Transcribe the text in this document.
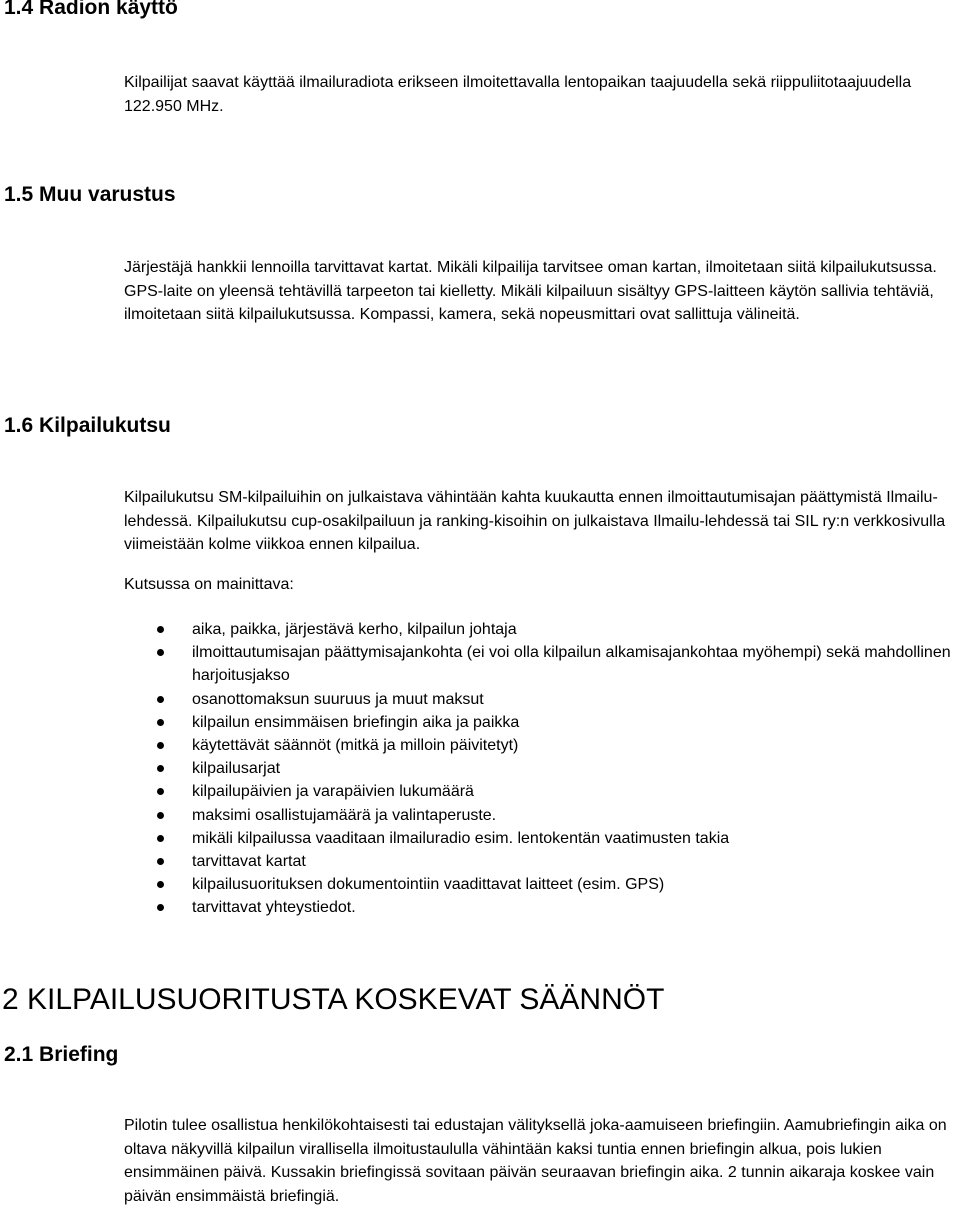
1.4 Radion käyttö

Kilpailijat saavat käyttää ilmailuradiota erikseen ilmoitettavalla lentopaikan taajuudella sekä riippuliitotaajuudella 122.950 MHz.

1.5 Muu varustus

Järjestäjä hankkii lennoilla tarvittavat kartat. Mikäli kilpailija tarvitsee oman kartan, ilmoitetaan siitä kilpailukutsussa. GPS-laite on yleensä tehtävillä tarpeeton tai kielletty. Mikäli kilpailuun sisältyy GPS-laitteen käytön sallivia tehtäviä, ilmoitetaan siitä kilpailukutsussa. Kompassi, kamera, sekä nopeusmittari ovat sallittuja välineitä.

1.6 Kilpailukutsu

Kilpailukutsu SM-kilpailuihin on julkaistava vähintään kahta kuukautta ennen ilmoittautumisajan päättymistä Ilmailu-lehdessä. Kilpailukutsu cup-osakilpailuun ja ranking-kisoihin on julkaistava Ilmailu-lehdessä tai SIL ry:n verkkosivulla viimeistään kolme viikkoa ennen kilpailua.

Kutsussa on mainittava:

aika, paikka, järjestävä kerho, kilpailun johtaja
ilmoittautumisajan päättymisajankohta (ei voi olla kilpailun alkamisajankohtaa myöhempi) sekä mahdollinen harjoitusjakso
osanottomaksun suuruus ja muut maksut
kilpailun ensimmäisen briefingin aika ja paikka
käytettävät säännöt (mitkä ja milloin päivitetyt)
kilpailusarjat
kilpailupäivien ja varapäivien lukumäärä
maksimi osallistujamäärä ja valintaperuste.
mikäli kilpailussa vaaditaan ilmailuradio esim. lentokentän vaatimusten takia
tarvittavat kartat
kilpailusuorituksen dokumentointiin vaadittavat laitteet (esim. GPS)
tarvittavat yhteystiedot.
2 KILPAILUSUORITUSTA KOSKEVAT SÄÄNNÖT
2.1 Briefing

Pilotin tulee osallistua henkilökohtaisesti tai edustajan välityksellä joka-aamuiseen briefingiin. Aamubriefingin aika on oltava näkyvillä kilpailun virallisella ilmoitustaululla vähintään kaksi tuntia ennen briefingin alkua, pois lukien ensimmäinen päivä. Kussakin briefingissä sovitaan päivän seuraavan briefingin aika. 2 tunnin aikaraja koskee vain päivän ensimmäistä briefingiä.
